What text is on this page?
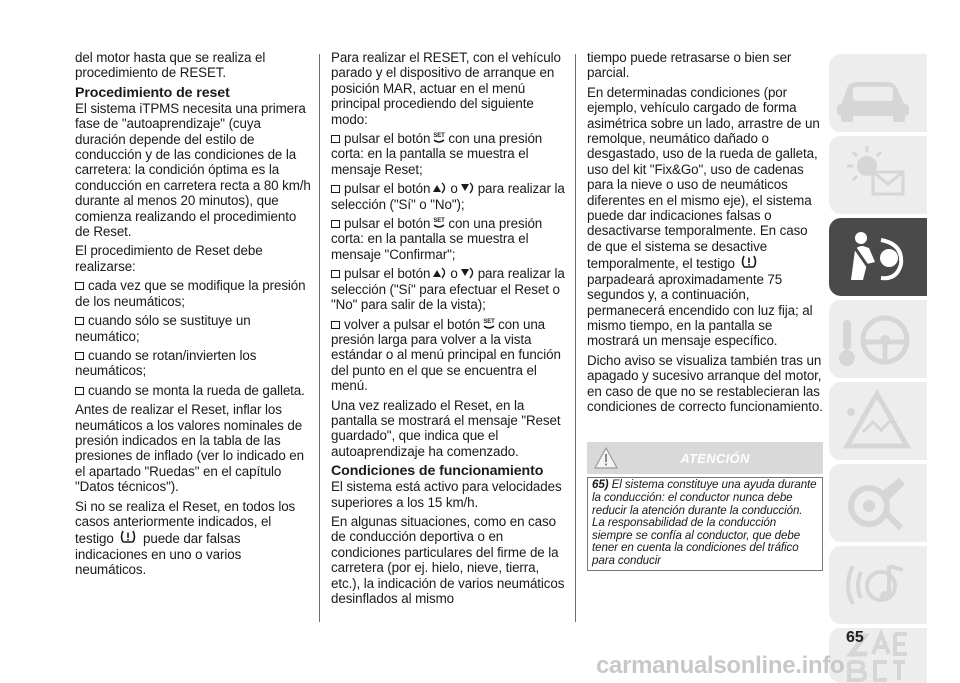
del motor hasta que se realiza el procedimiento de RESET.

Procedimiento de reset

El sistema iTPMS necesita una primera fase de "autoaprendizaje" (cuya duración depende del estilo de conducción y de las condiciones de la carretera: la condición óptima es la conducción en carretera recta a 80 km/h durante al menos 20 minutos), que comienza realizando el procedimiento de Reset.

El procedimiento de Reset debe realizarse:

cada vez que se modifique la presión de los neumáticos;

cuando sólo se sustituye un neumático;

cuando se rotan/invierten los neumáticos;

cuando se monta la rueda de galleta.

Antes de realizar el Reset, inflar los neumáticos a los valores nominales de presión indicados en la tabla de las presiones de inflado (ver lo indicado en el apartado "Ruedas" en el capítulo "Datos técnicos").

Si no se realiza el Reset, en todos los casos anteriormente indicados, el testigo puede dar falsas indicaciones en uno o varios neumáticos.

Para realizar el RESET, con el vehículo parado y el dispositivo de arranque en posición MAR, actuar en el menú principal procediendo del siguiente modo:

pulsar el botón SET con una presión corta: en la pantalla se muestra el mensaje Reset;

pulsar el botón o para realizar la selección ("Sí" o "No");

pulsar el botón SET con una presión corta: en la pantalla se muestra el mensaje "Confirmar";

pulsar el botón o para realizar la selección ("Sí" para efectuar el Reset o "No" para salir de la vista);

volver a pulsar el botón SET con una presión larga para volver a la vista estándar o al menú principal en función del punto en el que se encuentra el menú.

Una vez realizado el Reset, en la pantalla se mostrará el mensaje "Reset guardado", que indica que el autoaprendizaje ha comenzado.

Condiciones de funcionamiento

El sistema está activo para velocidades superiores a los 15 km/h.

En algunas situaciones, como en caso de conducción deportiva o en condiciones particulares del firme de la carretera (por ej. hielo, nieve, tierra, etc.), la indicación de varios neumáticos desinflados al mismo

tiempo puede retrasarse o bien ser parcial.

En determinadas condiciones (por ejemplo, vehículo cargado de forma asimétrica sobre un lado, arrastre de un remolque, neumático dañado o desgastado, uso de la rueda de galleta, uso del kit "Fix&Go", uso de cadenas para la nieve o uso de neumáticos diferentes en el mismo eje), el sistema puede dar indicaciones falsas o desactivarse temporalmente. En caso de que el sistema se desactive temporalmente, el testigo
parpadeará aproximadamente 75 segundos y, a continuación, permanecerá encendido con luz fija; al mismo tiempo, en la pantalla se mostrará un mensaje específico.

Dicho aviso se visualiza también tras un apagado y sucesivo arranque del motor, en caso de que no se restablecieran las condiciones de correcto funcionamiento.

ATENCIÓN
65) El sistema constituye una ayuda durante la conducción: el conductor nunca debe reducir la atención durante la conducción. La responsabilidad de la conducción siempre se confía al conductor, que debe tener en cuenta la condiciones del tráfico para conducir
65
carmanualsonline.info
